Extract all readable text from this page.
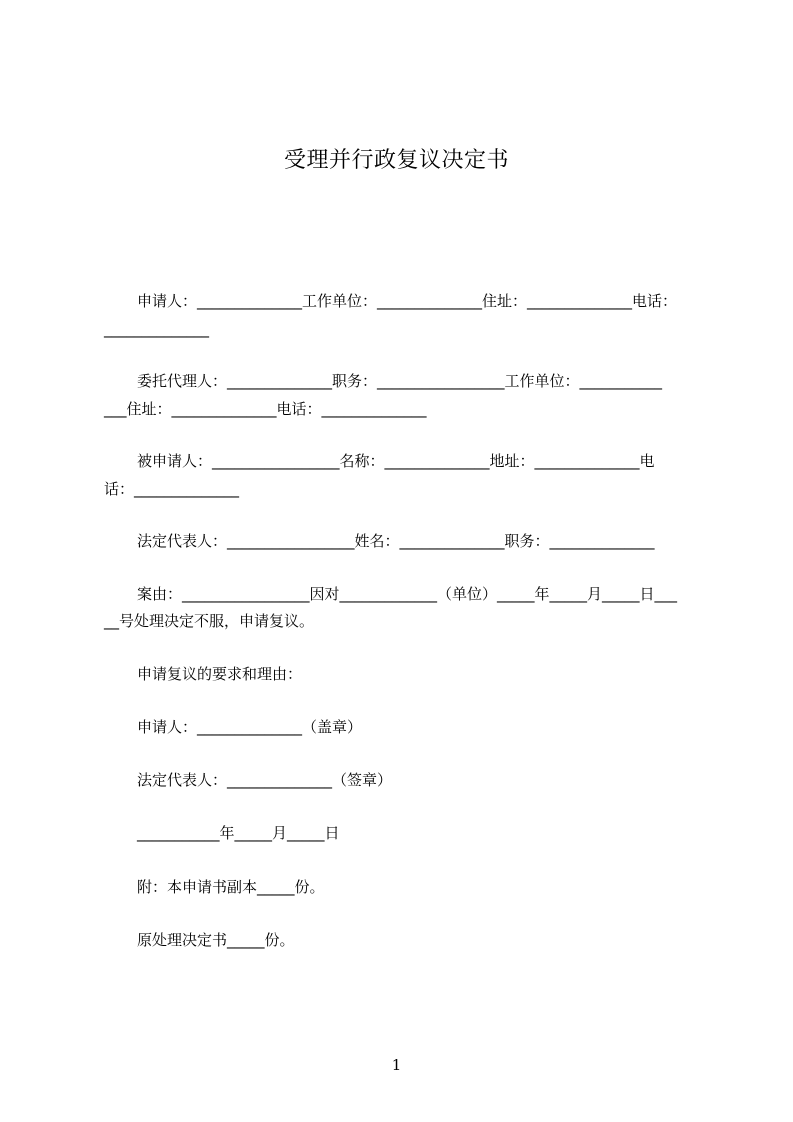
受理并行政复议决定书

申请人：______________工作单位：______________住址：______________电话：

______________

委托代理人：______________职务：_________________工作单位：___________

___住址：______________电话：______________

被申请人：_________________名称：______________地址：______________电

话：______________

法定代表人：_________________姓名：______________职务：______________

案由：_________________因对_____________（单位）_____年_____月_____日___

__号处理决定不服，申请复议。

申请复议的要求和理由：

申请人：______________（盖章）

法定代表人：______________（签章）

___________年_____月_____日

附：本申请书副本_____份。

原处理决定书_____份。

1
